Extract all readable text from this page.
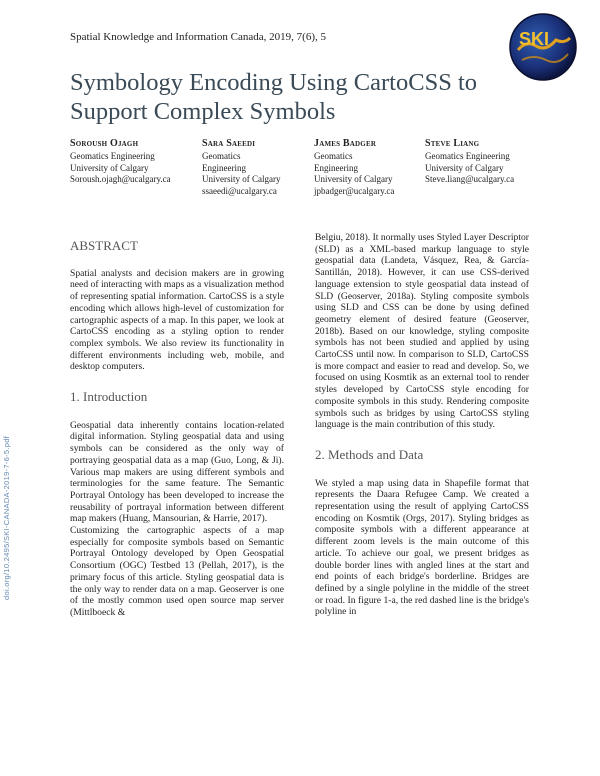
Spatial Knowledge and Information Canada, 2019, 7(6), 5	SKI
Symbology Encoding Using CartoCSS to Support Complex Symbols
Soroush Ojagh
Geomatics Engineering
University of Calgary
Soroush.ojagh@ucalgary.ca
Sara Saeedi
Geomatics
Engineering
University of Calgary
ssaeedi@ucalgary.ca
James Badger
Geomatics
Engineering
University of Calgary
jpbadger@ucalgary.ca
Steve Liang
Geomatics Engineering
University of Calgary
Steve.liang@ucalgary.ca
doi.org/10.2495/SKI-CANADA-2019-7-6-5.pdf

ABSTRACT

Spatial analysts and decision makers are in growing need of interacting with maps as a visualization method of representing spatial information. CartoCSS is a style encoding which allows high-level of customization for cartographic aspects of a map. In this paper, we look at CartoCSS encoding as a styling option to render complex symbols. We also review its functionality in different environments including web, mobile, and desktop computers.

1. Introduction

Geospatial data inherently contains location-related digital information. Styling geospatial data and using symbols can be considered as the only way of portraying geospatial data as a map (Guo, Long, & Ji). Various map makers are using different symbols and terminologies for the same feature. The Semantic Portrayal Ontology has been developed to increase the reusability of portrayal information between different map makers (Huang, Mansourian, & Harrie, 2017).

Customizing the cartographic aspects of a map especially for composite symbols based on Semantic Portrayal Ontology developed by Open Geospatial Consortium (OGC) Testbed 13 (Pellah, 2017), is the primary focus of this article. Styling geospatial data is the only way to render data on a map. Geoserver is one of the mostly common used open source map server (Mittlboeck &

Belgiu, 2018). It normally uses Styled Layer Descriptor (SLD) as a XML-based markup language to style geospatial data (Landeta, Vásquez, Rea, & García-Santillán, 2018). However, it can use CSS-derived language extension to style geospatial data instead of SLD (Geoserver, 2018a). Styling composite symbols using SLD and CSS can be done by using defined geometry element of desired feature (Geoserver, 2018b). Based on our knowledge, styling composite symbols has not been studied and applied by using CartoCSS until now. In comparison to SLD, CartoCSS is more compact and easier to read and develop. So, we focused on using Kosmtik as an external tool to render styles developed by CartoCSS style encoding for composite symbols in this study. Rendering composite symbols such as bridges by using CartoCSS styling language is the main contribution of this study.

2. Methods and Data

We styled a map using data in Shapefile format that represents the Daara Refugee Camp. We created a representation using the result of applying CartoCSS encoding on Kosmtik (Orgs, 2017). Styling bridges as composite symbols with a different appearance at different zoom levels is the main outcome of this article. To achieve our goal, we present bridges as double border lines with angled lines at the start and end points of each bridge's borderline. Bridges are defined by a single polyline in the middle of the street or road. In figure 1-a, the red dashed line is the bridge's polyline in
